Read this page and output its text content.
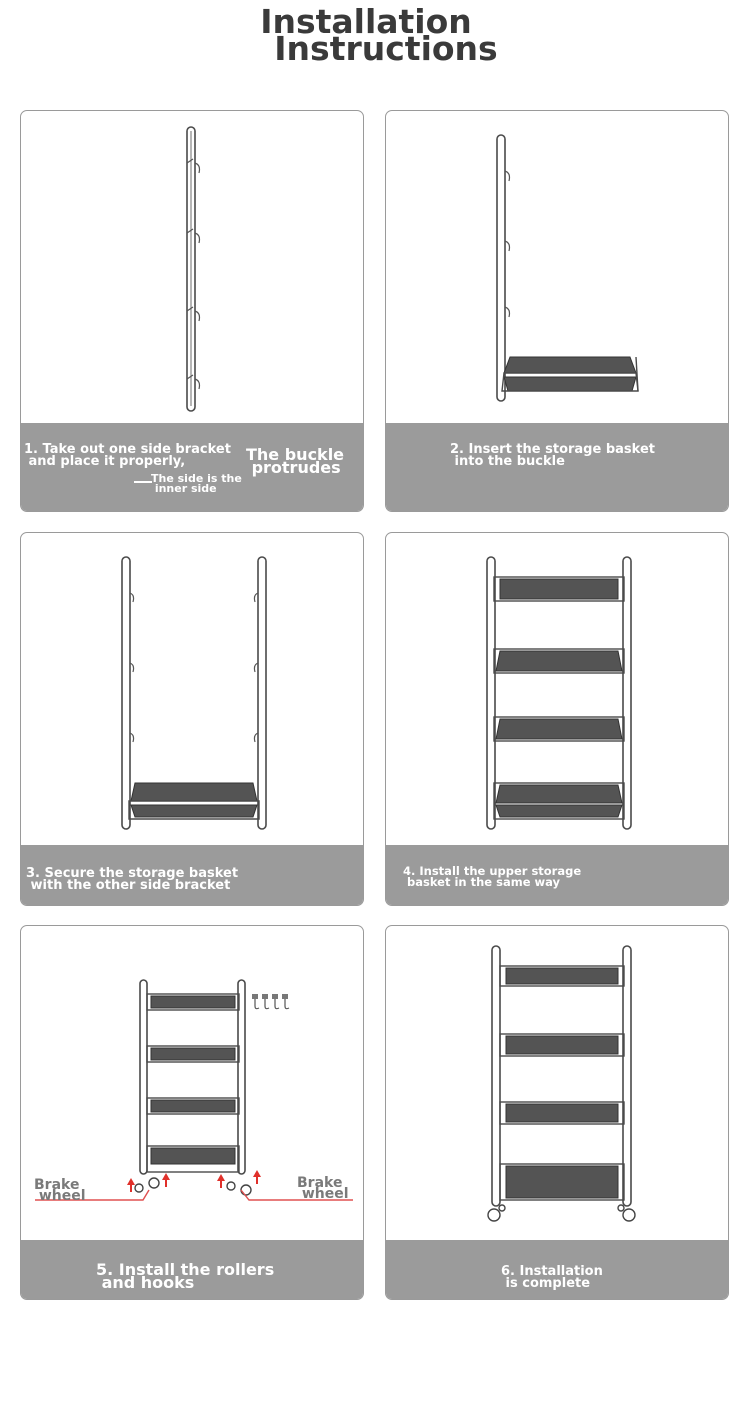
Installation
Instructions
1. Take out one side bracket
and place it properly,	The buckle
protrudes
The side is the
inner side
2. Insert the storage basket
into the buckle
3. Secure the storage basket
with the other side bracket
4. Install the upper storage
basket in the same way
Brake
wheel
Brake
wheel
5. Install the rollers
and hooks
6. Installation
is complete
